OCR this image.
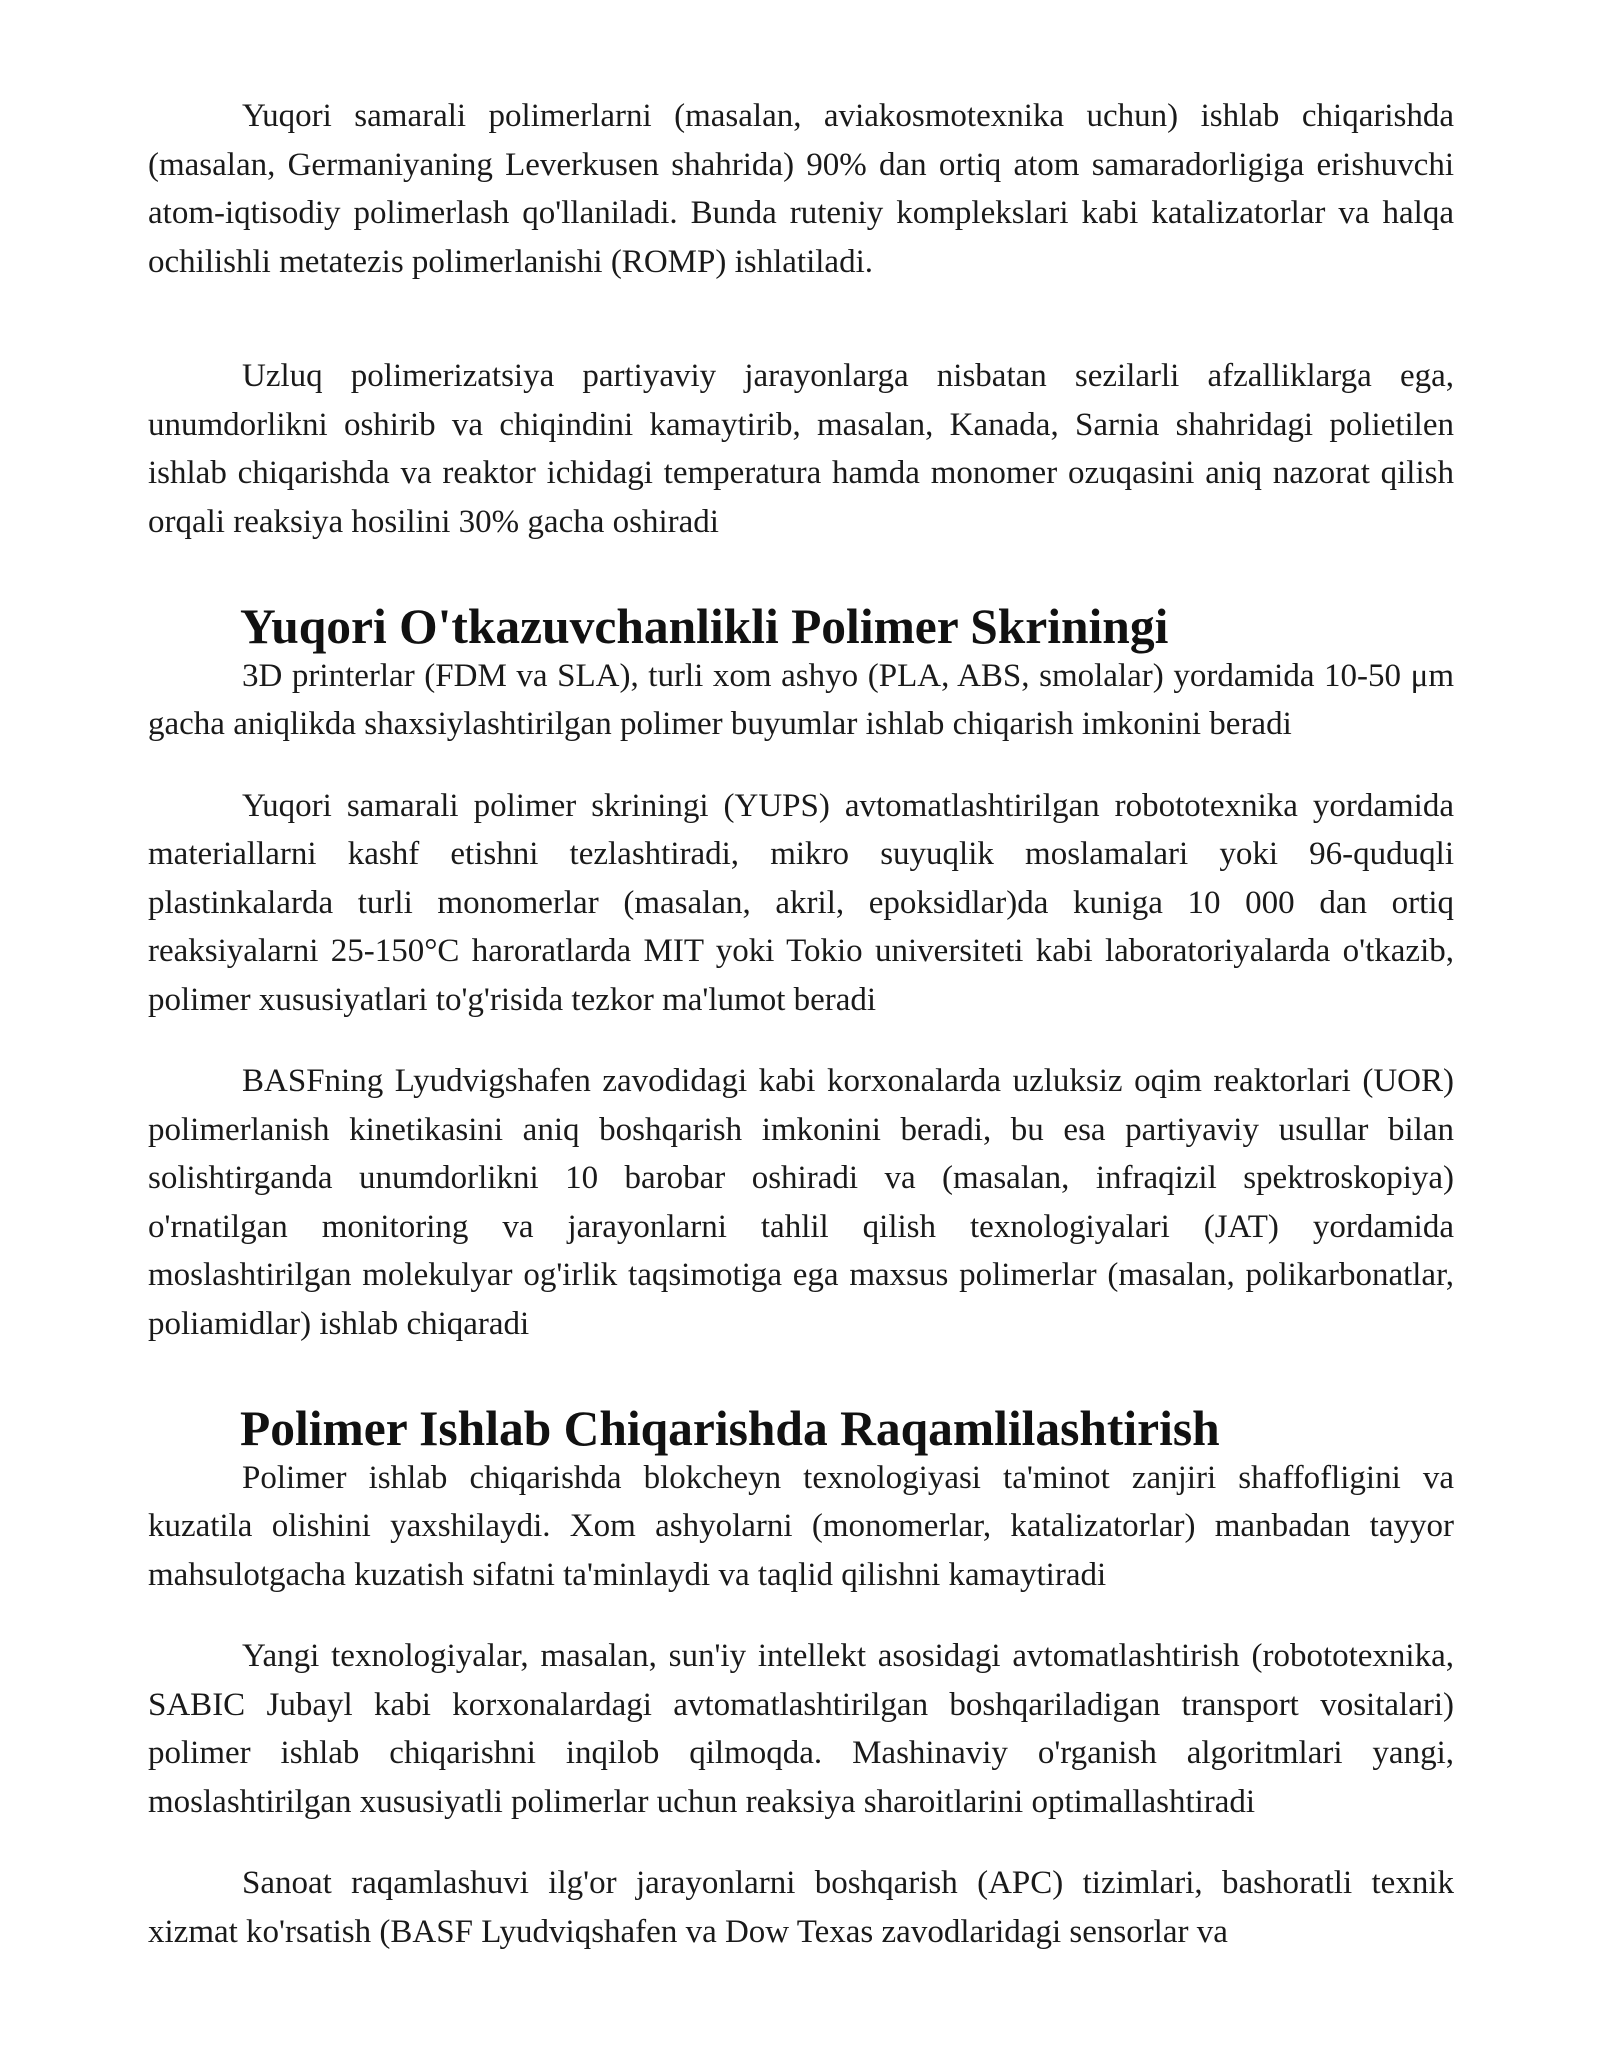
Yuqori samarali polimerlarni (masalan, aviakosmotexnika uchun) ishlab chiqarishda (masalan, Germaniyaning Leverkusen shahrida) 90% dan ortiq atom samaradorligiga erishuvchi atom-iqtisodiy polimerlash qo'llaniladi. Bunda ruteniy komplekslari kabi katalizatorlar va halqa ochilishli metatezis polimerlanishi (ROMP) ishlatiladi.

Uzluq polimerizatsiya partiyaviy jarayonlarga nisbatan sezilarli afzalliklarga ega, unumdorlikni oshirib va chiqindini kamaytirib, masalan, Kanada, Sarnia shahridagi polietilen ishlab chiqarishda va reaktor ichidagi temperatura hamda monomer ozuqasini aniq nazorat qilish orqali reaksiya hosilini 30% gacha oshiradi

Yuqori O'tkazuvchanlikli Polimer Skriningi

3D printerlar (FDM va SLA), turli xom ashyo (PLA, ABS, smolalar) yordamida 10-50 μm gacha aniqlikda shaxsiylashtirilgan polimer buyumlar ishlab chiqarish imkonini beradi

Yuqori samarali polimer skriningi (YUPS) avtomatlashtirilgan robototexnika yordamida materiallarni kashf etishni tezlashtiradi, mikro suyuqlik moslamalari yoki 96-quduqli plastinkalarda turli monomerlar (masalan, akril, epoksidlar)da kuniga 10 000 dan ortiq reaksiyalarni 25-150°C haroratlarda MIT yoki Tokio universiteti kabi laboratoriyalarda o'tkazib, polimer xususiyatlari to'g'risida tezkor ma'lumot beradi

BASFning Lyudvigshafen zavodidagi kabi korxonalarda uzluksiz oqim reaktorlari (UOR) polimerlanish kinetikasini aniq boshqarish imkonini beradi, bu esa partiyaviy usullar bilan solishtirganda unumdorlikni 10 barobar oshiradi va (masalan, infraqizil spektroskopiya) o'rnatilgan monitoring va jarayonlarni tahlil qilish texnologiyalari (JAT) yordamida moslashtirilgan molekulyar og'irlik taqsimotiga ega maxsus polimerlar (masalan, polikarbonatlar, poliamidlar) ishlab chiqaradi

Polimer Ishlab Chiqarishda Raqamlilashtirish

Polimer ishlab chiqarishda blokcheyn texnologiyasi ta'minot zanjiri shaffofligini va kuzatila olishini yaxshilaydi. Xom ashyolarni (monomerlar, katalizatorlar) manbadan tayyor mahsulotgacha kuzatish sifatni ta'minlaydi va taqlid qilishni kamaytiradi

Yangi texnologiyalar, masalan, sun'iy intellekt asosidagi avtomatlashtirish (robototexnika, SABIC Jubayl kabi korxonalardagi avtomatlashtirilgan boshqariladigan transport vositalari) polimer ishlab chiqarishni inqilob qilmoqda. Mashinaviy o'rganish algoritmlari yangi, moslashtirilgan xususiyatli polimerlar uchun reaksiya sharoitlarini optimallashtiradi

Sanoat raqamlashuvi ilg'or jarayonlarni boshqarish (APC) tizimlari, bashoratli texnik xizmat ko'rsatish (BASF Lyudviqshafen va Dow Texas zavodlaridagi sensorlar va
